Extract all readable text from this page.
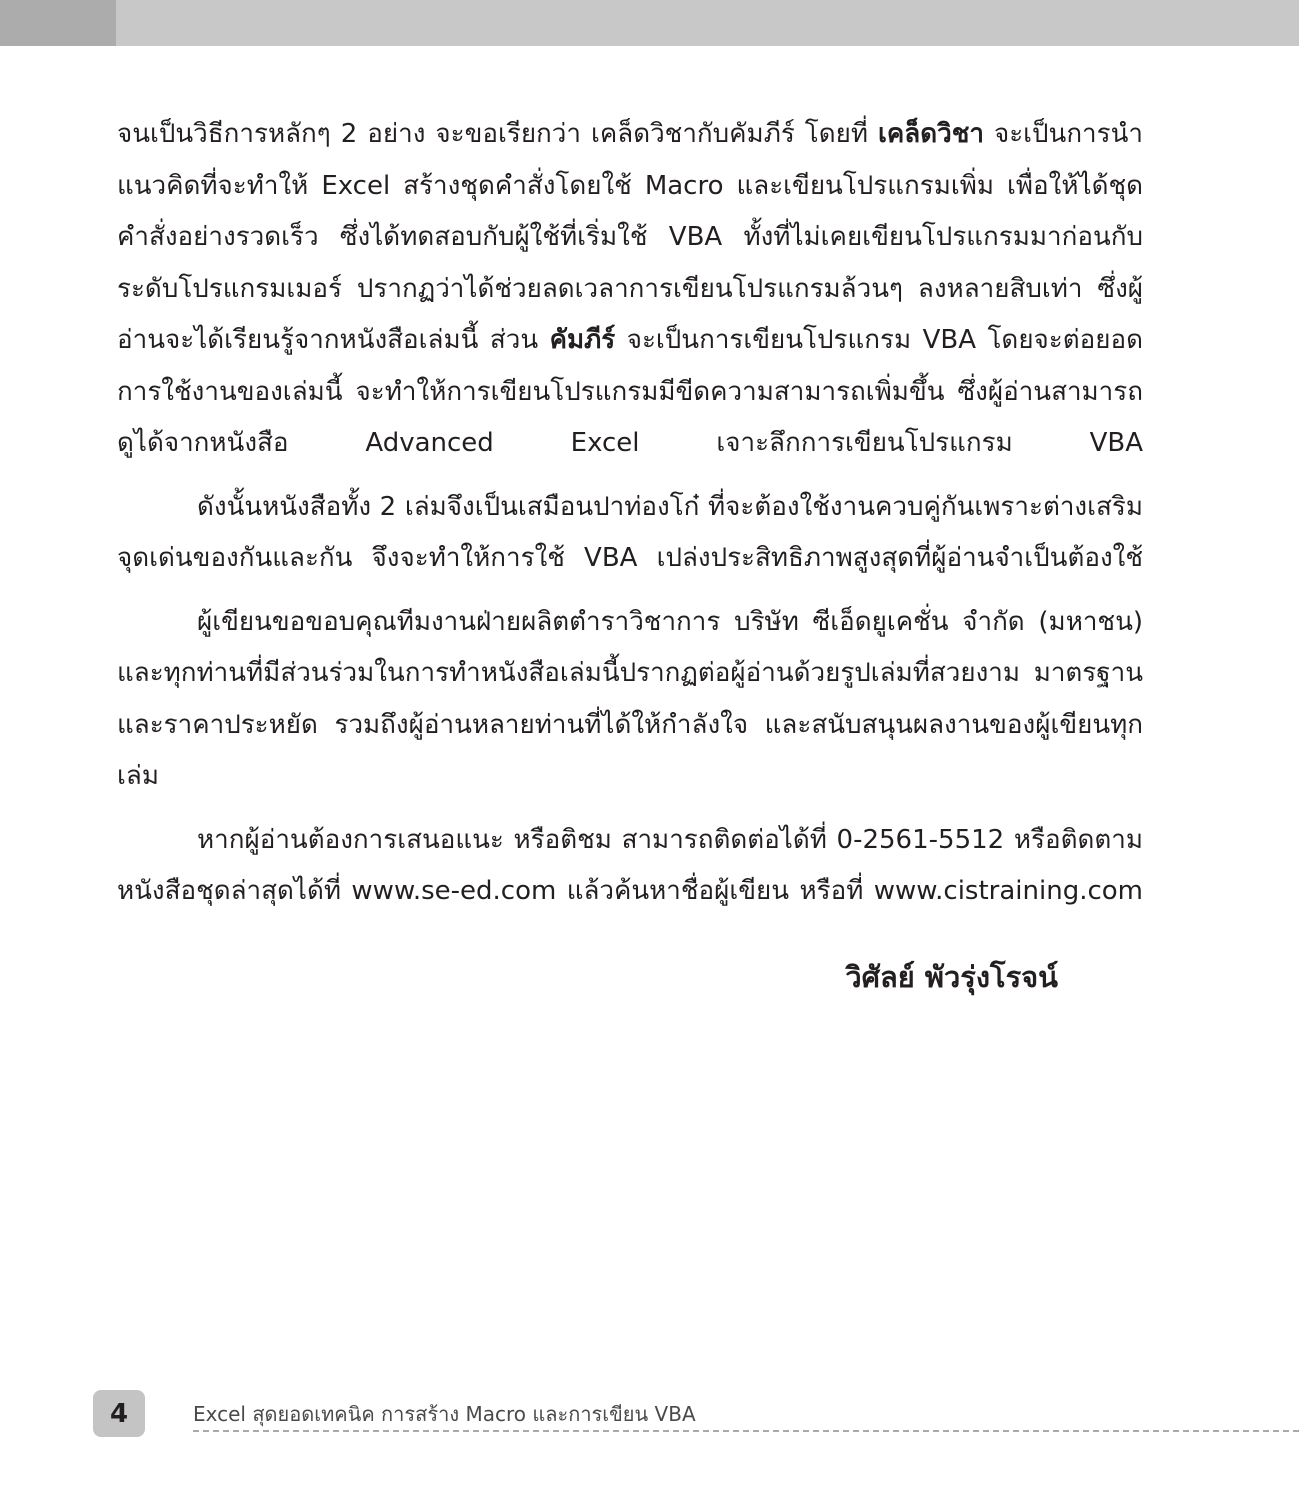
จนเป็นวิธีการหลักๆ 2 อย่าง จะขอเรียกว่า เคล็ดวิชากับคัมภีร์ โดยที่ เคล็ดวิชา จะเป็นการนำแนวคิดที่จะทำให้ Excel สร้างชุดคำสั่งโดยใช้ Macro และเขียนโปรแกรมเพิ่ม เพื่อให้ได้ชุดคำสั่งอย่างรวดเร็ว ซึ่งได้ทดสอบกับผู้ใช้ที่เริ่มใช้ VBA ทั้งที่ไม่เคยเขียนโปรแกรมมาก่อนกับระดับโปรแกรมเมอร์ ปรากฏว่าได้ช่วยลดเวลาการเขียนโปรแกรมล้วนๆ ลงหลายสิบเท่า ซึ่งผู้อ่านจะได้เรียนรู้จากหนังสือเล่มนี้ ส่วน คัมภีร์ จะเป็นการเขียนโปรแกรม VBA โดยจะต่อยอดการใช้งานของเล่มนี้ จะทำให้การเขียนโปรแกรมมีขีดความสามารถเพิ่มขึ้น ซึ่งผู้อ่านสามารถดูได้จากหนังสือ Advanced Excel เจาะลึกการเขียนโปรแกรม VBA

ดังนั้นหนังสือทั้ง 2 เล่มจึงเป็นเสมือนปาท่องโก๋ ที่จะต้องใช้งานควบคู่กันเพราะต่างเสริมจุดเด่นของกันและกัน จึงจะทำให้การใช้ VBA เปล่งประสิทธิภาพสูงสุดที่ผู้อ่านจำเป็นต้องใช้

ผู้เขียนขอขอบคุณทีมงานฝ่ายผลิตตำราวิชาการ บริษัท ซีเอ็ดยูเคชั่น จำกัด (มหาชน) และทุกท่านที่มีส่วนร่วมในการทำหนังสือเล่มนี้ปรากฏต่อผู้อ่านด้วยรูปเล่มที่สวยงาม มาตรฐานและราคาประหยัด รวมถึงผู้อ่านหลายท่านที่ได้ให้กำลังใจ และสนับสนุนผลงานของผู้เขียนทุกเล่ม

หากผู้อ่านต้องการเสนอแนะ หรือติชม สามารถติดต่อได้ที่ 0-2561-5512 หรือติดตามหนังสือชุดล่าสุดได้ที่ www.se-ed.com แล้วค้นหาชื่อผู้เขียน หรือที่ www.cistraining.com

วิศัลย์ พัวรุ่งโรจน์
4	Excel สุดยอดเทคนิค การสร้าง Macro และการเขียน VBA
